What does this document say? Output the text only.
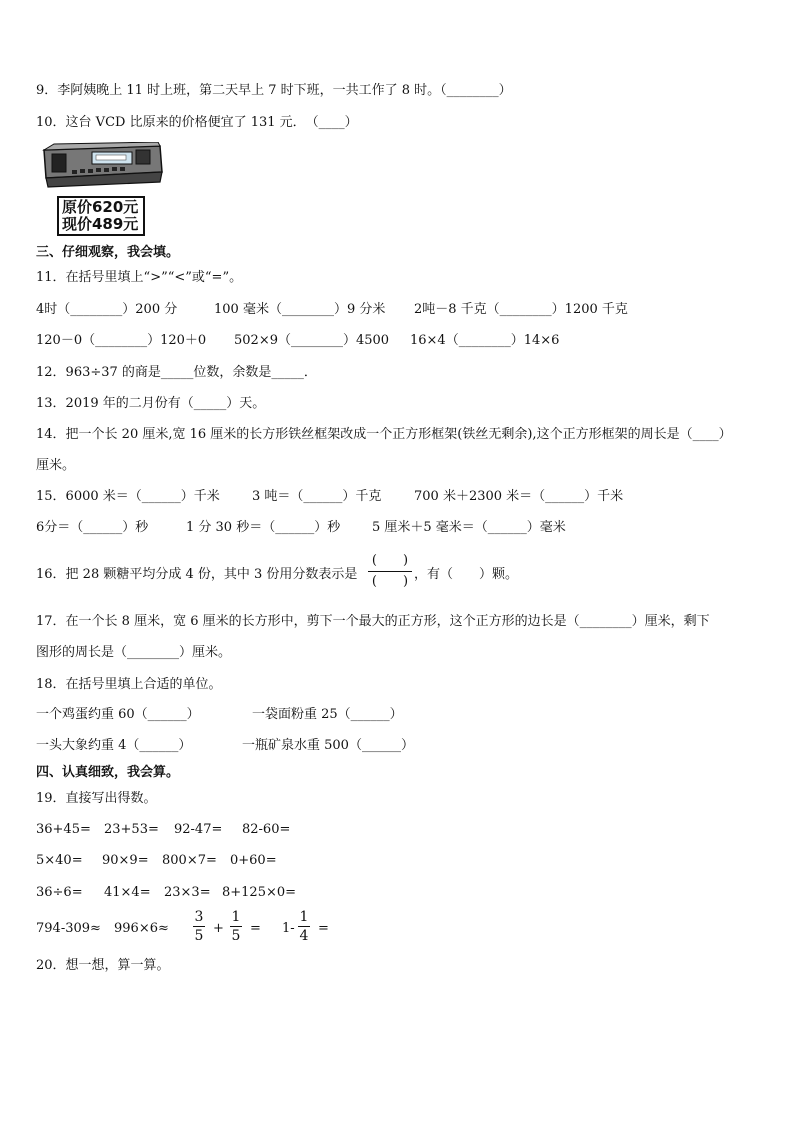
9．李阿姨晚上 11 时上班，第二天早上 7 时下班，一共工作了 8 时。（________）
10．这台 VCD 比原来的价格便宜了 131 元．　（____）
原价620元
现价489元
三、仔细观察，我会填。
11．在括号里填上“>”“<”或“=”。
4时（________）200 分	100 毫米（________）9 分米 2吨－8 千克（________）1200 千克
120－0（________）120＋0 502×9（________）4500 16×4（________）14×6
12．963÷37 的商是_____位数，余数是_____．
13．2019 年的二月份有（_____）天。
14．把一个长 20 厘米,宽 16 厘米的长方形铁丝框架改成一个正方形框架(铁丝无剩余),这个正方形框架的周长是（____）
厘米。
15．6000 米＝（______）千米 3 吨＝（______）千克	700 米＋2300 米＝（______）千米
6分＝（______）秒	1 分 30 秒＝（______）秒 5 厘米＋5 毫米＝（______）毫米
16．把 28 颗糖平均分成 4 份，其中 3 份用分数表示是
(　　)
(　　) ，有（　　）颗。
17．在一个长 8 厘米，宽 6 厘米的长方形中，剪下一个最大的正方形，这个正方形的边长是（________）厘米，剩下
图形的周长是（________）厘米。
18．在括号里填上合适的单位。
一个鸡蛋约重 60（______）	一袋面粉重 25（______）
一头大象约重 4（______）	一瓶矿泉水重 500（______）
四、认真细致，我会算。
19．直接写出得数。
36+45= 23+53= 92-47= 82-60=
5×40= 90×9= 800×7= 0+60=
36÷6= 41×4= 23×3= 8+125×0=
794-309≈ 996×6≈
3
5 +
1
5 = 1-
1
4 =
20．想一想，算一算。
